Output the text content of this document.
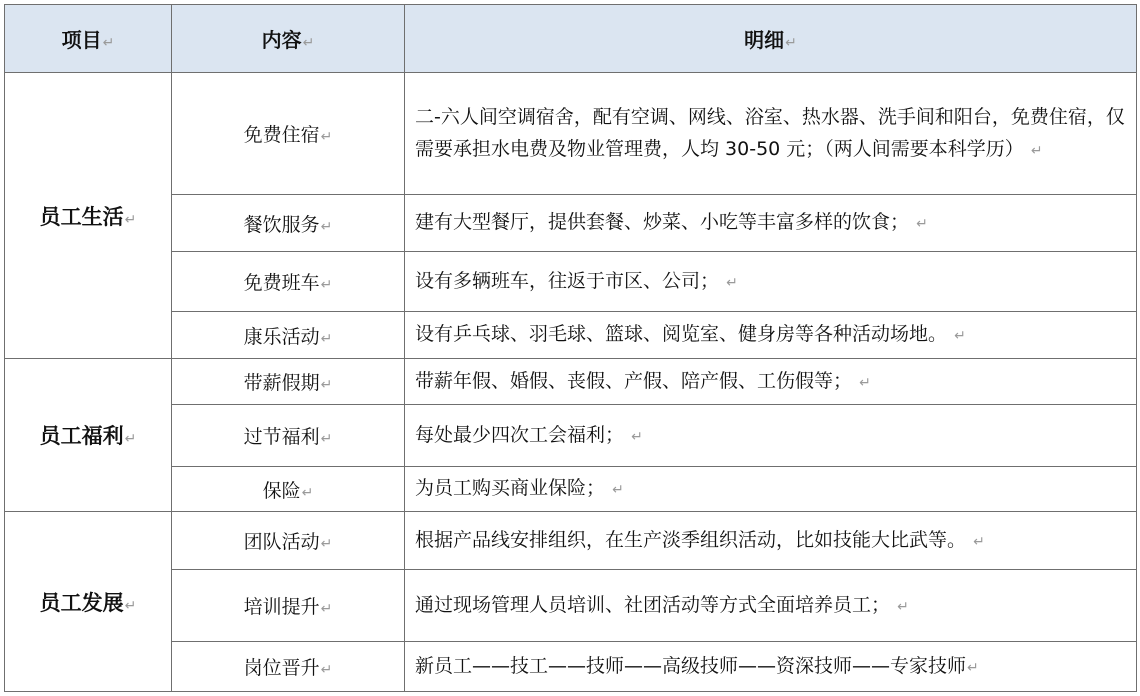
项目↵	内容↵	明细↵
员工生活↵	免费住宿↵	二-六人间空调宿舍，配有空调、网线、浴室、热水器、洗手间和阳台，免费住宿，仅需要承担水电费及物业管理费，人均 30-50 元；（两人间需要本科学历） ↵
	餐饮服务↵	建有大型餐厅，提供套餐、炒菜、小吃等丰富多样的饮食； ↵
	免费班车↵	设有多辆班车，往返于市区、公司； ↵
	康乐活动↵	设有乒乓球、羽毛球、篮球、阅览室、健身房等各种活动场地。 ↵
员工福利↵	带薪假期↵	带薪年假、婚假、丧假、产假、陪产假、工伤假等； ↵
	过节福利↵	每处最少四次工会福利； ↵
	保险↵	为员工购买商业保险； ↵
员工发展↵	团队活动↵	根据产品线安排组织，在生产淡季组织活动，比如技能大比武等。 ↵
	培训提升↵	通过现场管理人员培训、社团活动等方式全面培养员工； ↵
	岗位晋升↵	新员工——技工——技师——高级技师——资深技师——专家技师↵
